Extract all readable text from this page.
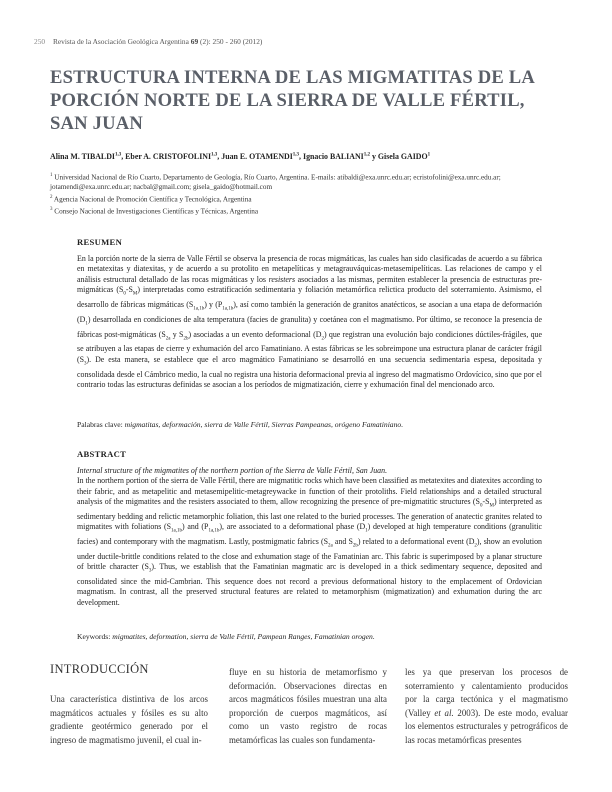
250 Revista de la Asociación Geológica Argentina 69 (2): 250 - 260 (2012)
ESTRUCTURA INTERNA DE LAS MIGMATITAS DE LA
PORCIÓN NORTE DE LA SIERRA DE VALLE FÉRTIL,
SAN JUAN
Alina M. TIBALDI$^{1,3}$, Eber A. CRISTOFOLINI$^{1,3}$, Juan E. OTAMENDI$^{1,3}$, Ignacio BALIANI$^{1,2}$ y Gisela GAIDO$^1$
$^1$ Universidad Nacional de Río Cuarto, Departamento de Geología, Río Cuarto, Argentina. E-mails: atibaldi@exa.unrc.edu.ar; ecristofolini@exa.unrc.edu.ar; jotamendi@exa.unrc.edu.ar; nacbal@gmail.com; gisela_gaido@hotmail.com
$^2$ Agencia Nacional de Promoción Científica y Tecnológica, Argentina
$^3$ Consejo Nacional de Investigaciones Científicas y Técnicas, Argentina
RESUMEN
En la porción norte de la sierra de Valle Fértil se observa la presencia de rocas migmáticas, las cuales han sido clasificadas de acuerdo a su fábrica en metatexitas y diatexitas, y de acuerdo a su protolito en metapelíticas y metagrauváquicas-metasemipelíticas. Las relaciones de campo y el análisis estructural detallado de las rocas migmáticas y los resisters asociados a las mismas, permiten establecer la presencia de estructuras pre-migmáticas $(S_0-S_M)$ interpretadas como estratificación sedimentaria y foliación metamórfica relictica producto del soterramiento. Asimismo, el desarrollo de fábricas migmáticas $(S_{1a,1b})$ y $(P_{1a,1b})$, así como también la generación de granitos anatécticos, se asocian a una etapa de deformación $(D_1)$ desarrollada en condiciones de alta temperatura (facies de granulita) y coetánea con el magmatismo. Por último, se reconoce la presencia de fábricas post-migmáticas ($S_{2a}$ y $S_{2b}$) asociadas a un evento deformacional $(D_2)$ que registran una evolución bajo condiciones dúctiles-frágiles, que se atribuyen a las etapas de cierre y exhumación del arco Famatiniano. A estas fábricas se les sobreimpone una estructura planar de carácter frágil $(S_3)$. De esta manera, se establece que el arco magmático Famatiniano se desarrolló en una secuencia sedimentaria espesa, depositada y consolidada desde el Cámbrico medio, la cual no registra una historia deformacional previa al ingreso del magmatismo Ordovícico, sino que por el contrario todas las estructuras definidas se asocian a los períodos de migmatización, cierre y exhumación final del mencionado arco.
Palabras clave: migmatitas, deformación, sierra de Valle Fértil, Sierras Pampeanas, orógeno Famatiniano.
ABSTRACT
Internal structure of the migmatites of the northern portion of the Sierra de Valle Fértil, San Juan.
In the northern portion of the sierra de Valle Fértil, there are migmatitic rocks which have been classified as metatexites and diatexites according to their fabric, and as metapelitic and metasemipelitic-metagreywacke in function of their protoliths. Field relationships and a detailed structural analysis of the migmatites and the resisters associated to them, allow recognizing the presence of pre-migmatitic structures $(S_0-S_M)$ interpreted as sedimentary bedding and relictic metamorphic foliation, this last one related to the buried processes. The generation of anatectic granites related to migmatites with foliations $(S_{1a,1b})$ and $(P_{1a,1b})$, are associated to a deformational phase $(D_1)$ developed at high temperature conditions (granulitic facies) and contemporary with the magmatism. Lastly, postmigmatic fabrics ($S_{2a}$ and $S_{2b}$) related to a deformational event $(D_2)$, show an evolution under ductile-brittle conditions related to the close and exhumation stage of the Famatinian arc. This fabric is superimposed by a planar structure of brittle character $(S_3)$. Thus, we establish that the Famatinian magmatic arc is developed in a thick sedimentary sequence, deposited and consolidated since the mid-Cambrian. This sequence does not record a previous deformational history to the emplacement of Ordovician magmatism. In contrast, all the preserved structural features are related to metamorphism (migmatization) and exhumation during the arc development.
Keywords: migmatites, deformation, sierra de Valle Fértil, Pampean Ranges, Famatinian orogen.
INTRODUCCIÓN
Una característica distintiva de los arcos magmáticos actuales y fósiles es su alto gradiente geotérmico generado por el ingreso de magmatismo juvenil, el cual in-
fluye en su historia de metamorfismo y deformación. Observaciones directas en arcos magmáticos fósiles muestran una alta proporción de cuerpos magmáticos, así como un vasto registro de rocas metamórficas las cuales son fundamenta-
les ya que preservan los procesos de soterramiento y calentamiento producidos por la carga tectónica y el magmatismo (Valley et al. 2003). De este modo, evaluar los elementos estructurales y petrográficos de las rocas metamórficas presentes
